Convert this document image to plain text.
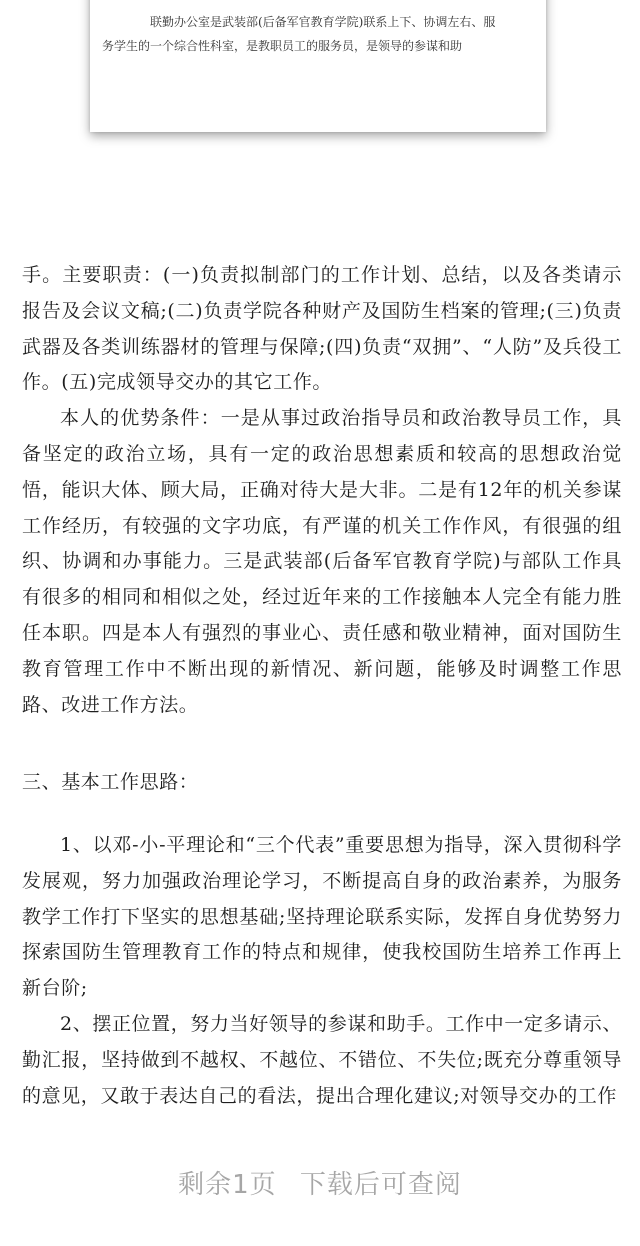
联勤办公室是武装部(后备军官教育学院)联系上下、协调左右、服
务学生的一个综合性科室，是教职员工的服务员，是领导的参谋和助

手。主要职责：(一)负责拟制部门的工作计划、总结，以及各类请示报告及会议文稿;(二)负责学院各种财产及国防生档案的管理;(三)负责武器及各类训练器材的管理与保障;(四)负责“双拥”、“人防”及兵役工作。(五)完成领导交办的其它工作。

本人的优势条件：一是从事过政治指导员和政治教导员工作，具备坚定的政治立场，具有一定的政治思想素质和较高的思想政治觉悟，能识大体、顾大局，正确对待大是大非。二是有12年的机关参谋工作经历，有较强的文字功底，有严谨的机关工作作风，有很强的组织、协调和办事能力。三是武装部(后备军官教育学院)与部队工作具有很多的相同和相似之处，经过近年来的工作接触本人完全有能力胜任本职。四是本人有强烈的事业心、责任感和敬业精神，面对国防生教育管理工作中不断出现的新情况、新问题，能够及时调整工作思路、改进工作方法。

三、基本工作思路：

1、以邓-小-平理论和“三个代表”重要思想为指导，深入贯彻科学发展观，努力加强政治理论学习，不断提高自身的政治素养，为服务教学工作打下坚实的思想基础;坚持理论联系实际，发挥自身优势努力探索国防生管理教育工作的特点和规律，使我校国防生培养工作再上新台阶;

2、摆正位置，努力当好领导的参谋和助手。工作中一定多请示、勤汇报，坚持做到不越权、不越位、不错位、不失位;既充分尊重领导的意见，又敢于表达自己的看法，提出合理化建议;对领导交办的工作

剩余1页 下载后可查阅
